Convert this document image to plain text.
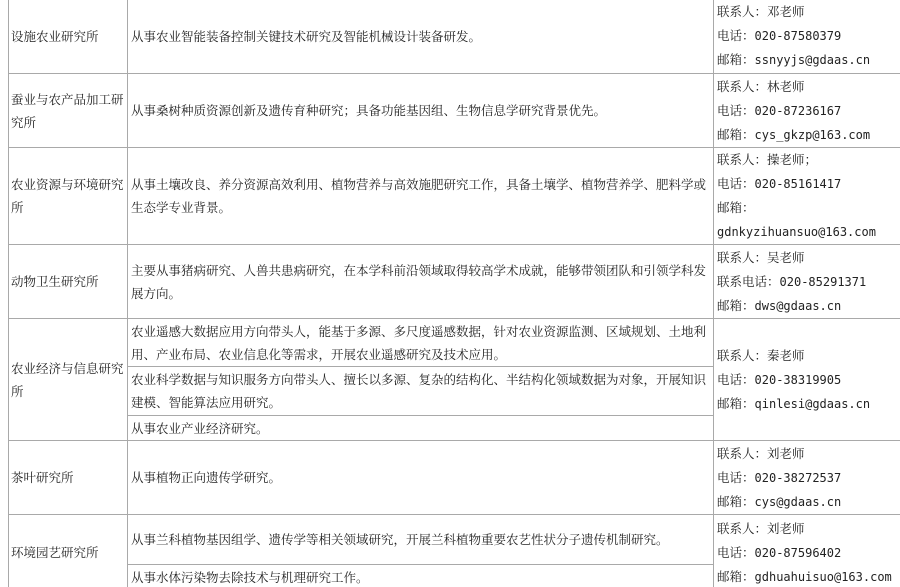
设施农业研究所	从事农业智能装备控制关键技术研究及智能机械设计装备研发。	联系人：邓老师
电话：020-87580379
邮箱：ssnyyjs@gdaas.cn

蚕业与农产品加工研究所	从事桑树种质资源创新及遗传育种研究；具备功能基因组、生物信息学研究背景优先。	联系人：林老师
电话：020-87236167
邮箱：cys_gkzp@163.com

农业资源与环境研究所	从事土壤改良、养分资源高效利用、植物营养与高效施肥研究工作，具备土壤学、植物营养学、肥料学或生态学专业背景。	联系人：操老师；
电话：020-85161417
邮箱：
gdnkyzihuansuo@163.com

动物卫生研究所	主要从事猪病研究、人兽共患病研究，在本学科前沿领域取得较高学术成就，能够带领团队和引领学科发展方向。	联系人：吴老师
联系电话：020-85291371
邮箱：dws@gdaas.cn

农业经济与信息研究所	农业遥感大数据应用方向带头人，能基于多源、多尺度遥感数据，针对农业资源监测、区域规划、土地利用、产业布局、农业信息化等需求，开展农业遥感研究及技术应用。	联系人：秦老师
电话：020-38319905
邮箱：qinlesi@gdaas.cn

	农业科学数据与知识服务方向带头人、擅长以多源、复杂的结构化、半结构化领域数据为对象，开展知识建模、智能算法应用研究。	
	从事农业产业经济研究。	
茶叶研究所	从事植物正向遗传学研究。	联系人：刘老师
电话：020-38272537
邮箱：cys@gdaas.cn

环境园艺研究所	从事兰科植物基因组学、遗传学等相关领域研究，开展兰科植物重要农艺性状分子遗传机制研究。	联系人：刘老师
电话：020-87596402
邮箱：gdhuahuisuo@163.com

	从事水体污染物去除技术与机理研究工作。	
